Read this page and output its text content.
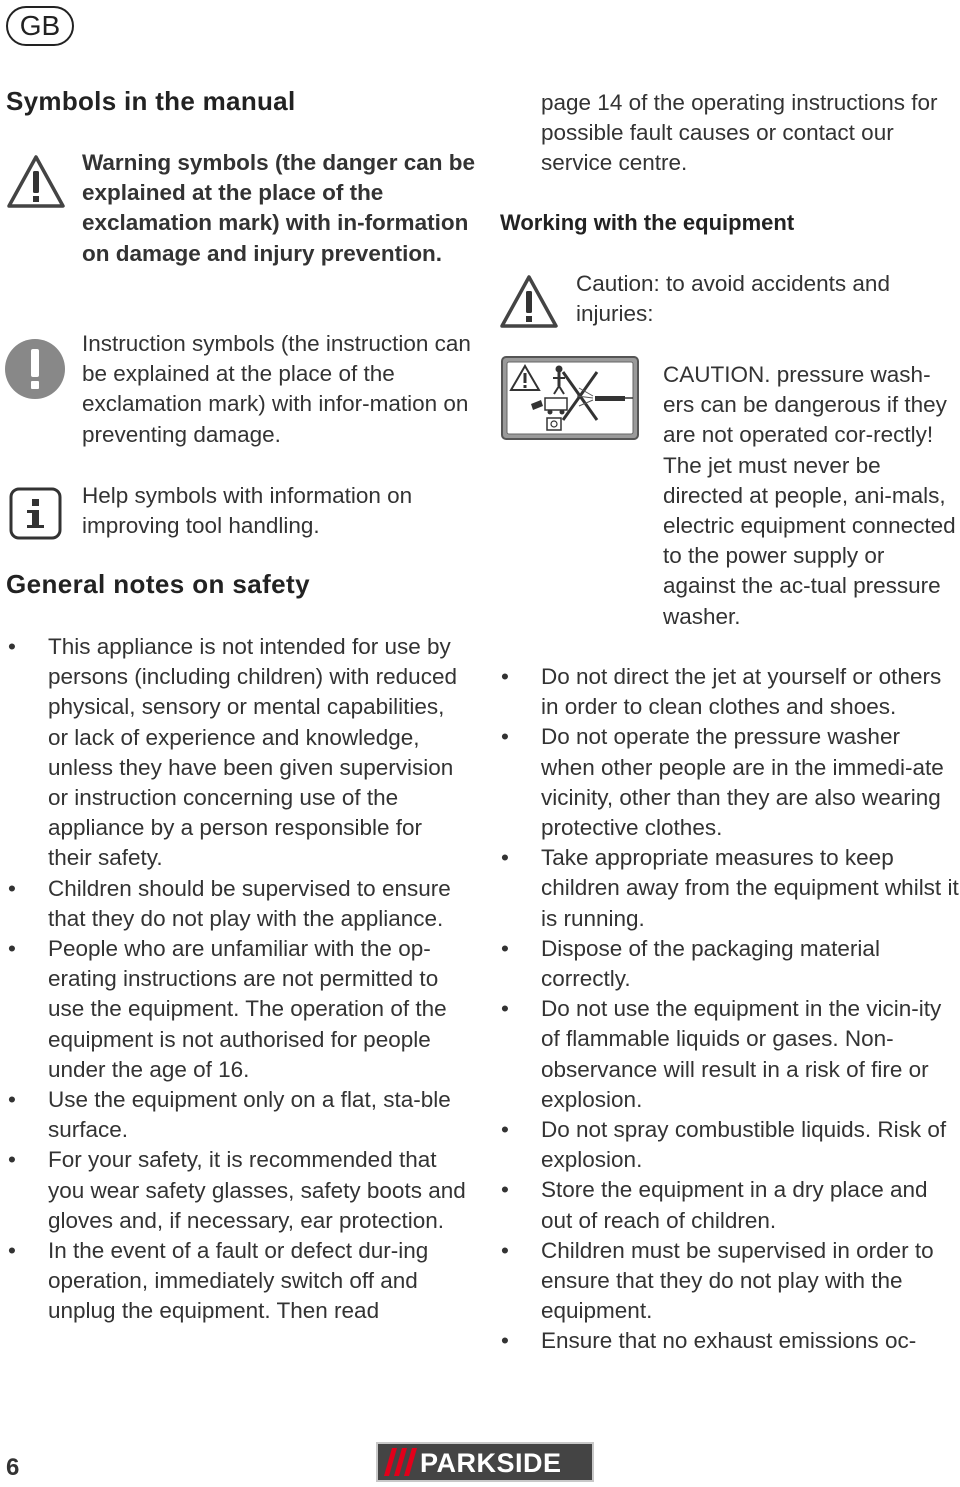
GB
Symbols in the manual
Warning symbols (the danger can be explained at the place of the exclamation mark) with in-formation on damage and injury prevention.
Instruction symbols (the instruction can be explained at the place of the exclamation mark) with infor-mation on preventing damage.
Help symbols with information on improving tool handling.
General notes on safety
•	This appliance is not intended for use by persons (including children) with reduced physical, sensory or mental capabilities, or lack of experience and knowledge, unless they have been given supervision or instruction concerning use of the appliance by a person responsible for their safety.
•	Children should be supervised to ensure that they do not play with the appliance.
•	People who are unfamiliar with the op-erating instructions are not permitted to use the equipment. The operation of the equipment is not authorised for people under the age of 16.
•	Use the equipment only on a flat, sta-ble surface.
•	For your safety, it is recommended that you wear safety glasses, safety boots and gloves and, if necessary, ear protection.
•	In the event of a fault or defect dur-ing operation, immediately switch off and unplug the equipment. Then read
page 14 of the operating instructions for possible fault causes or contact our service centre.
Working with the equipment
Caution: to avoid accidents and injuries:
CAUTION. pressure wash-ers can be dangerous if they are not operated cor-rectly! The jet must never be directed at people, ani-mals, electric equipment connected to the power supply or against the ac-tual pressure washer.
•	Do not direct the jet at yourself or others in order to clean clothes and shoes.
•	Do not operate the pressure washer when other people are in the immedi-ate vicinity, other than they are also wearing protective clothes.
•	Take appropriate measures to keep children away from the equipment whilst it is running.
•	Dispose of the packaging material correctly.
•	Do not use the equipment in the vicin-ity of flammable liquids or gases. Non-observance will result in a risk of fire or explosion.
•	Do not spray combustible liquids. Risk of explosion.
•	Store the equipment in a dry place and out of reach of children.
•	Children must be supervised in order to ensure that they do not play with the equipment.
•	Ensure that no exhaust emissions oc-
6	PARKSIDE
